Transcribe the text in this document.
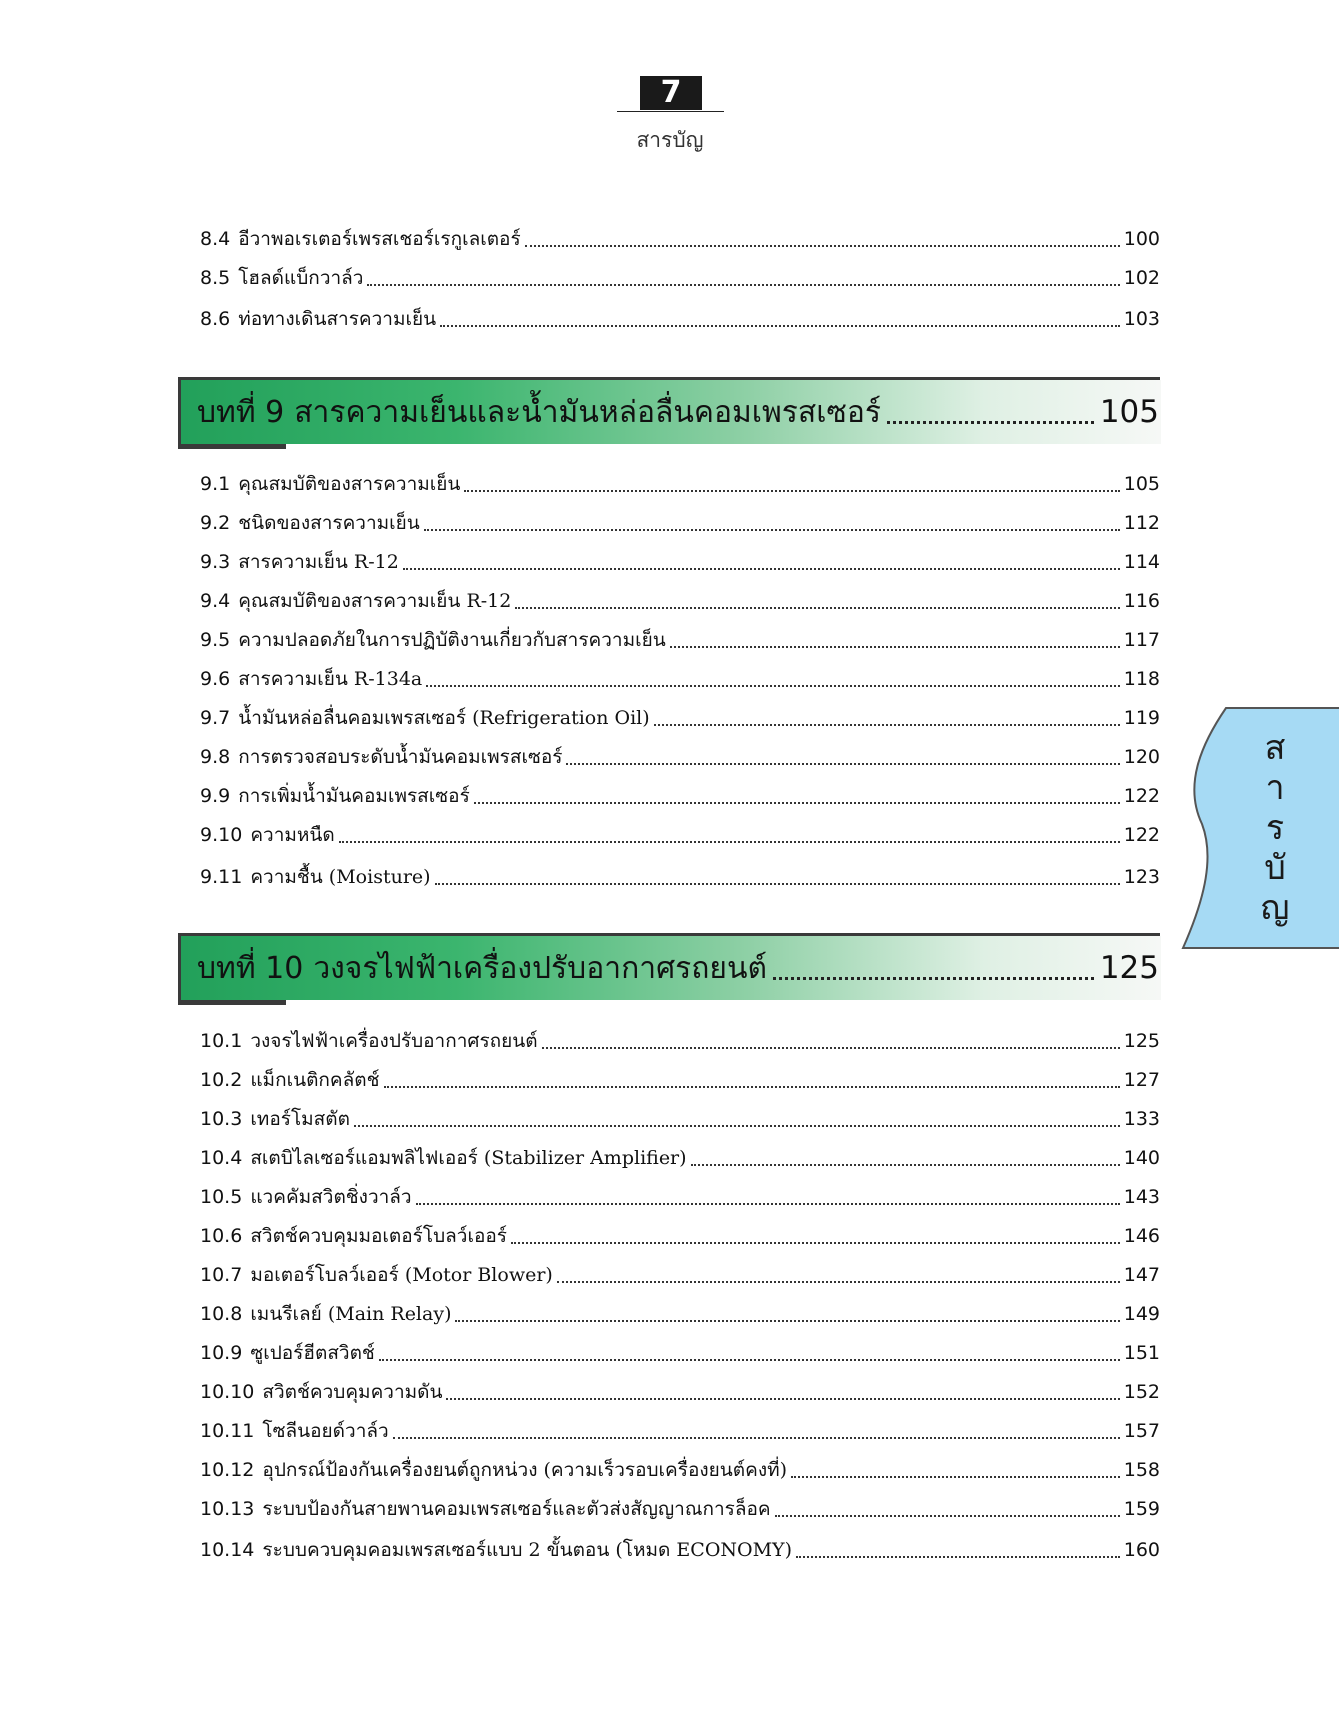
7
สารบัญ
8.4 อีวาพอเรเตอร์เพรสเชอร์เรกูเลเตอร์	100
8.5 โฮลด์แบ็กวาล์ว	102
8.6 ท่อทางเดินสารความเย็น	103
บทที่ 9 สารความเย็นและน้ำมันหล่อลื่นคอมเพรสเซอร์	105
9.1 คุณสมบัติของสารความเย็น	105
9.2 ชนิดของสารความเย็น	112
9.3 สารความเย็น R-12	114
9.4 คุณสมบัติของสารความเย็น R-12	116
9.5 ความปลอดภัยในการปฏิบัติงานเกี่ยวกับสารความเย็น	117
9.6 สารความเย็น R-134a	118
9.7 น้ำมันหล่อลื่นคอมเพรสเซอร์ (Refrigeration Oil)	119
9.8 การตรวจสอบระดับน้ำมันคอมเพรสเซอร์	120
9.9 การเพิ่มน้ำมันคอมเพรสเซอร์	122
9.10 ความหนืด	122
9.11 ความชื้น (Moisture)	123
บทที่ 10 วงจรไฟฟ้าเครื่องปรับอากาศรถยนต์	125
10.1 วงจรไฟฟ้าเครื่องปรับอากาศรถยนต์	125
10.2 แม็กเนติกคลัตช์	127
10.3 เทอร์โมสตัต	133
10.4 สเตบิไลเซอร์แอมพลิไฟเออร์ (Stabilizer Amplifier)	140
10.5 แวคคัมสวิตชิ่งวาล์ว	143
10.6 สวิตช์ควบคุมมอเตอร์โบลว์เออร์	146
10.7 มอเตอร์โบลว์เออร์ (Motor Blower)	147
10.8 เมนรีเลย์ (Main Relay)	149
10.9 ซูเปอร์ฮีตสวิตช์	151
10.10 สวิตช์ควบคุมความดัน	152
10.11 โซลีนอยด์วาล์ว	157
10.12 อุปกรณ์ป้องกันเครื่องยนต์ถูกหน่วง (ความเร็วรอบเครื่องยนต์คงที่)	158
10.13 ระบบป้องกันสายพานคอมเพรสเซอร์และตัวส่งสัญญาณการล็อค	159
10.14 ระบบควบคุมคอมเพรสเซอร์แบบ 2 ขั้นตอน (โหมด ECONOMY)	160
ส
า
ร
บั
ญ
